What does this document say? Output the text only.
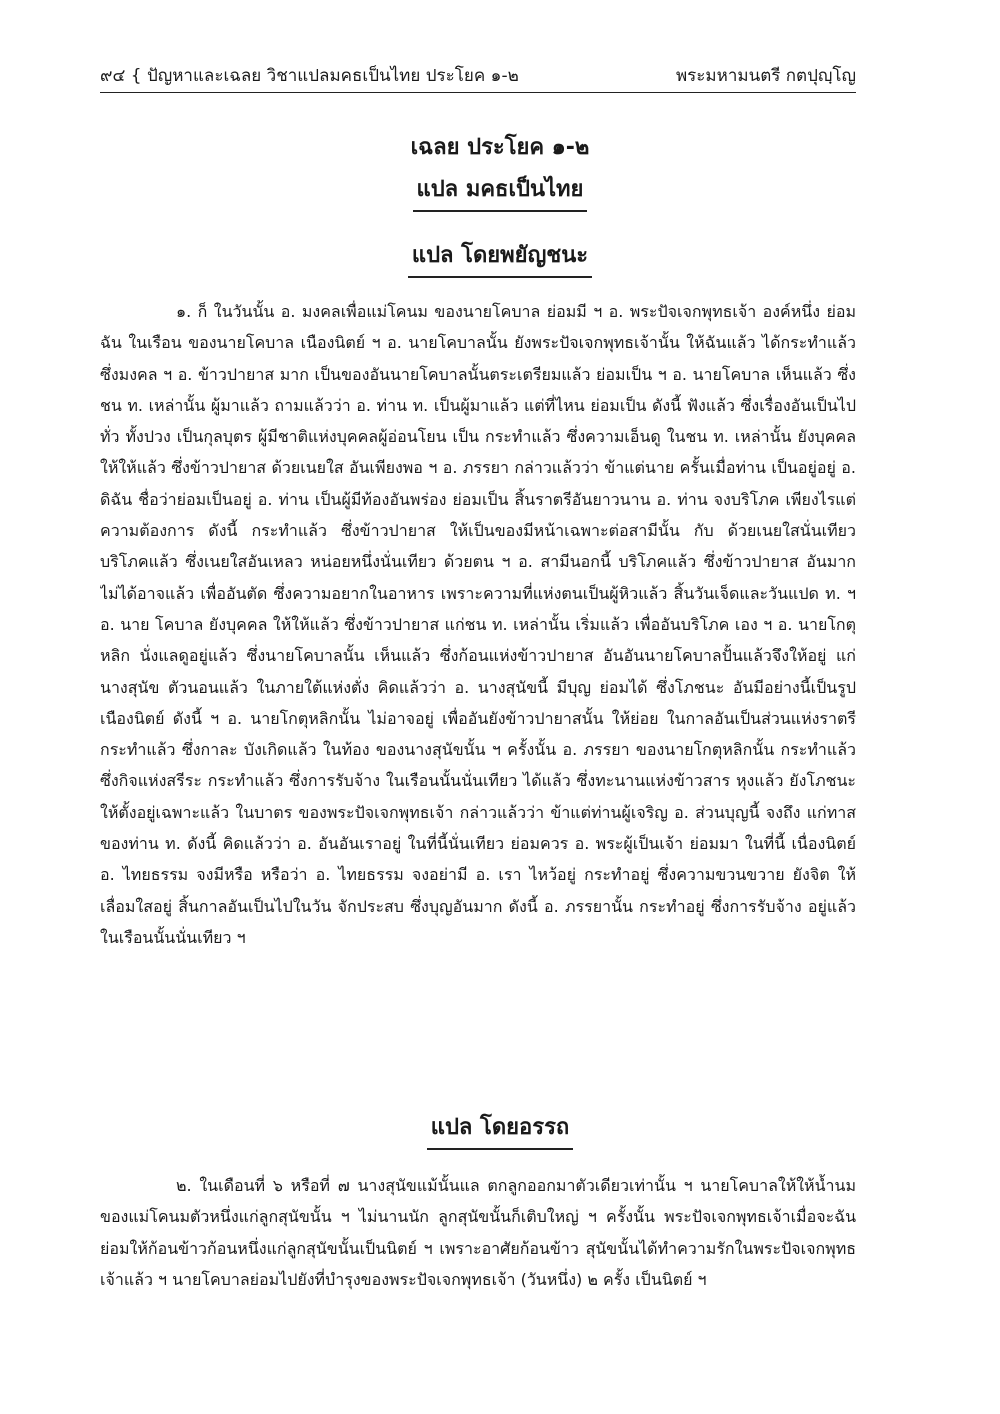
๙๔ { ปัญหาและเฉลย วิชาแปลมคธเป็นไทย ประโยค ๑-๒	พระมหามนตรี กตปุญฺโญ
เฉลย ประโยค ๑-๒
แปล มคธเป็นไทย
แปล โดยพยัญชนะ

๑. ก็ ในวันนั้น อ. มงคลเพื่อแม่โคนม ของนายโคบาล ย่อมมี ฯ อ. พระปัจเจกพุทธเจ้า องค์หนึ่ง ย่อมฉัน ในเรือน ของนายโคบาล เนืองนิตย์ ฯ อ. นายโคบาลนั้น ยังพระปัจเจกพุทธเจ้านั้น ให้ฉันแล้ว ได้กระทำแล้ว ซึ่งมงคล ฯ อ. ข้าวปายาส มาก เป็นของอันนายโคบาลนั้นตระเตรียมแล้ว ย่อมเป็น ฯ อ. นายโคบาล เห็นแล้ว ซึ่งชน ท. เหล่านั้น ผู้มาแล้ว ถามแล้วว่า อ. ท่าน ท. เป็นผู้มาแล้ว แต่ที่ไหน ย่อมเป็น ดังนี้ ฟังแล้ว ซึ่งเรื่องอันเป็นไปทั่ว ทั้งปวง เป็นกุลบุตร ผู้มีชาติแห่งบุคคลผู้อ่อนโยน เป็น กระทำแล้ว ซึ่งความเอ็นดู ในชน ท. เหล่านั้น ยังบุคคล ให้ให้แล้ว ซึ่งข้าวปายาส ด้วยเนยใส อันเพียงพอ ฯ อ. ภรรยา กล่าวแล้วว่า ข้าแต่นาย ครั้นเมื่อท่าน เป็นอยู่อยู่ อ. ดิฉัน ชื่อว่าย่อมเป็นอยู่ อ. ท่าน เป็นผู้มีท้องอันพร่อง ย่อมเป็น สิ้นราตรีอันยาวนาน อ. ท่าน จงบริโภค เพียงไรแต่ความต้องการ ดังนี้ กระทำแล้ว ซึ่งข้าวปายาส ให้เป็นของมีหน้าเฉพาะต่อสามีนั้น กับ ด้วยเนยใสนั่นเทียว บริโภคแล้ว ซึ่งเนยใสอันเหลว หน่อยหนึ่งนั่นเทียว ด้วยตน ฯ อ. สามีนอกนี้ บริโภคแล้ว ซึ่งข้าวปายาส อันมาก ไม่ได้อาจแล้ว เพื่ออันตัด ซึ่งความอยากในอาหาร เพราะความที่แห่งตนเป็นผู้หิวแล้ว สิ้นวันเจ็ดและวันแปด ท. ฯ อ. นาย โคบาล ยังบุคคล ให้ให้แล้ว ซึ่งข้าวปายาส แก่ชน ท. เหล่านั้น เริ่มแล้ว เพื่ออันบริโภค เอง ฯ อ. นายโกตุหลิก นั่งแลดูอยู่แล้ว ซึ่งนายโคบาลนั้น เห็นแล้ว ซึ่งก้อนแห่งข้าวปายาส อันอันนายโคบาลปั้นแล้วจึงให้อยู่ แก่นางสุนัข ตัวนอนแล้ว ในภายใต้แห่งตั่ง คิดแล้วว่า อ. นางสุนัขนี้ มีบุญ ย่อมได้ ซึ่งโภชนะ อันมีอย่างนี้เป็นรูป เนืองนิตย์ ดังนี้ ฯ อ. นายโกตุหลิกนั้น ไม่อาจอยู่ เพื่ออันยังข้าวปายาสนั้น ให้ย่อย ในกาลอันเป็นส่วนแห่งราตรี กระทำแล้ว ซึ่งกาละ บังเกิดแล้ว ในท้อง ของนางสุนัขนั้น ฯ ครั้งนั้น อ. ภรรยา ของนายโกตุหลิกนั้น กระทำแล้ว ซึ่งกิจแห่งสรีระ กระทำแล้ว ซึ่งการรับจ้าง ในเรือนนั้นนั่นเทียว ได้แล้ว ซึ่งทะนานแห่งข้าวสาร หุงแล้ว ยังโภชนะ ให้ตั้งอยู่เฉพาะแล้ว ในบาตร ของพระปัจเจกพุทธเจ้า กล่าวแล้วว่า ข้าแต่ท่านผู้เจริญ อ. ส่วนบุญนี้ จงถึง แก่ทาส ของท่าน ท. ดังนี้ คิดแล้วว่า อ. อันอันเราอยู่ ในที่นี้นั่นเทียว ย่อมควร อ. พระผู้เป็นเจ้า ย่อมมา ในที่นี้ เนื่องนิตย์ อ. ไทยธรรม จงมีหรือ หรือว่า อ. ไทยธรรม จงอย่ามี อ. เรา ไหว้อยู่ กระทำอยู่ ซึ่งความขวนขวาย ยังจิต ให้เลื่อมใสอยู่ สิ้นกาลอันเป็นไปในวัน จักประสบ ซึ่งบุญอันมาก ดังนี้ อ. ภรรยานั้น กระทำอยู่ ซึ่งการรับจ้าง อยู่แล้ว ในเรือนนั้นนั่นเทียว ฯ

แปล โดยอรรถ

๒. ในเดือนที่ ๖ หรือที่ ๗ นางสุนัขแม้นั้นแล ตกลูกออกมาตัวเดียวเท่านั้น ฯ นายโคบาลให้ให้น้ำนมของแม่โคนมตัวหนึ่งแก่ลูกสุนัขนั้น ฯ ไม่นานนัก ลูกสุนัขนั้นก็เติบใหญ่ ฯ ครั้งนั้น พระปัจเจกพุทธเจ้าเมื่อจะฉัน ย่อมให้ก้อนข้าวก้อนหนึ่งแก่ลูกสุนัขนั้นเป็นนิตย์ ฯ เพราะอาศัยก้อนข้าว สุนัขนั้นได้ทำความรักในพระปัจเจกพุทธเจ้าแล้ว ฯ นายโคบาลย่อมไปยังที่บำรุงของพระปัจเจกพุทธเจ้า (วันหนึ่ง) ๒ ครั้ง เป็นนิตย์ ฯ
